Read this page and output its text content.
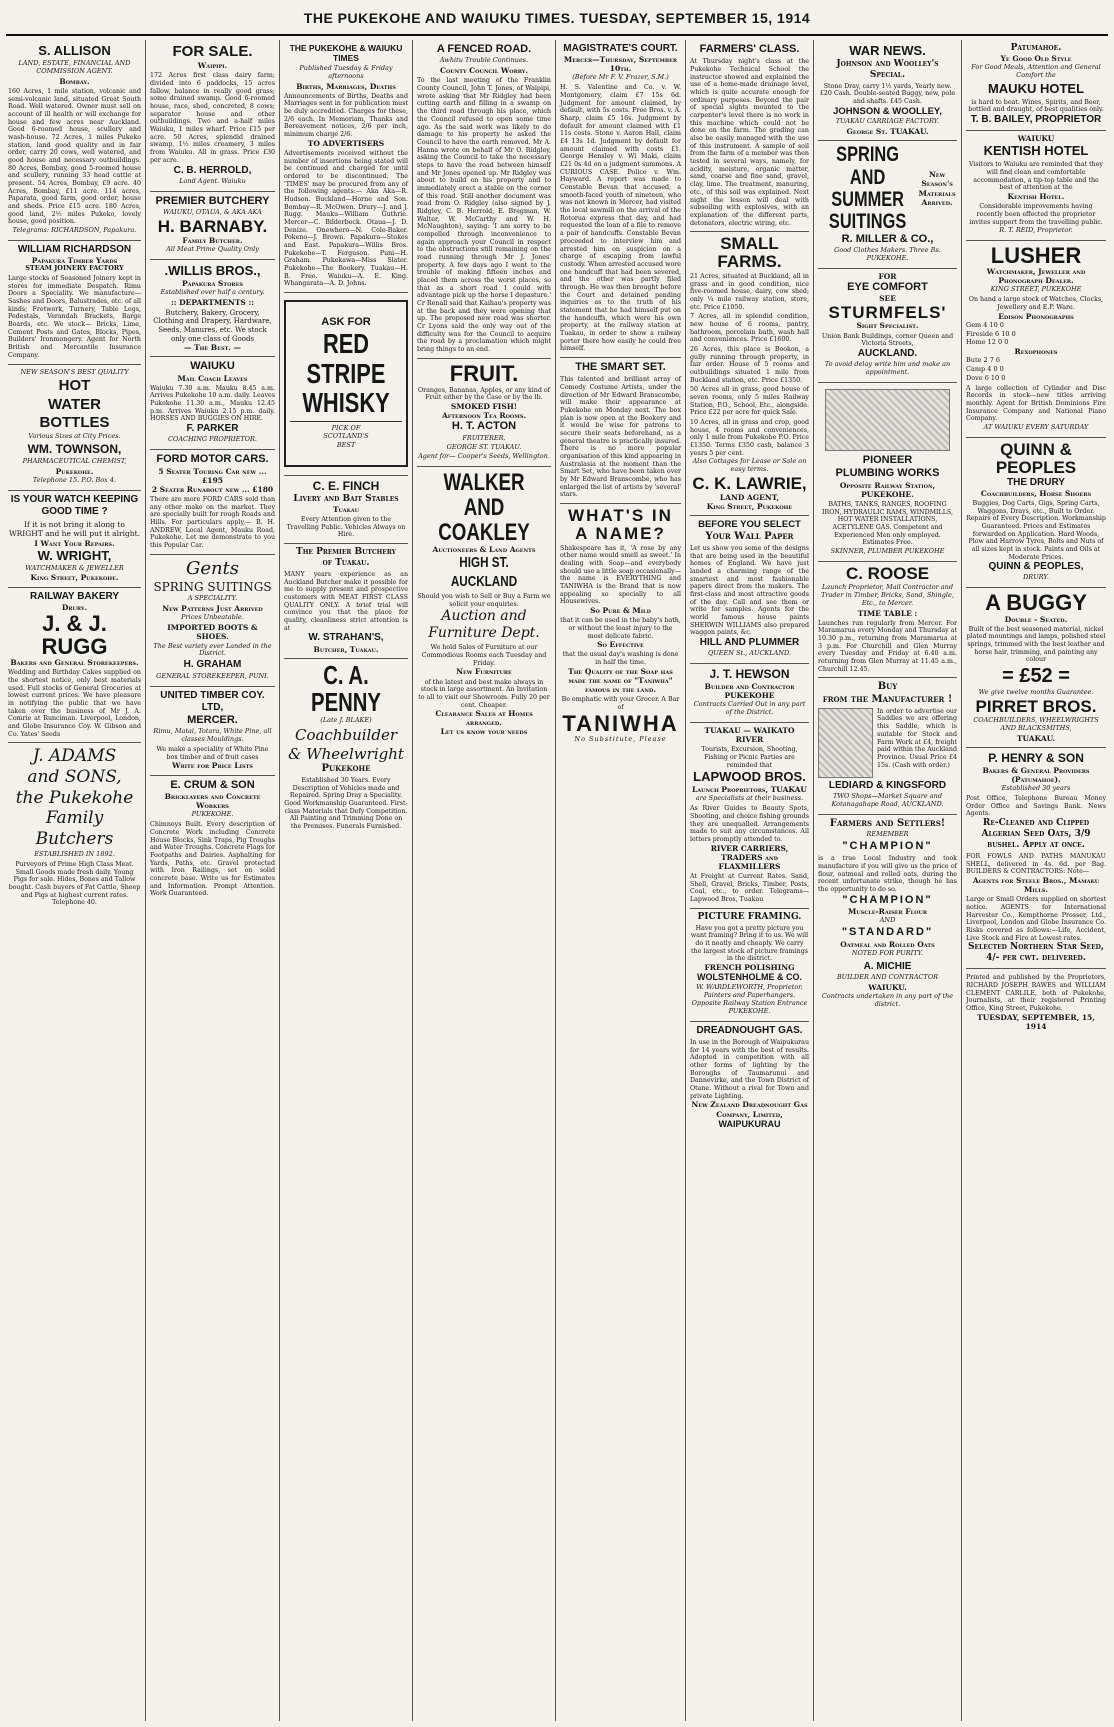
THE PUKEKOHE AND WAIUKU TIMES. TUESDAY, SEPTEMBER 15, 1914
S. ALLISON
LAND, ESTATE, FINANCIAL AND COMMISSION AGENT.
Bombay.
160 Acres, 1 mile station, volcanic and semi-volcanic land, situated Great South Road. Well watered. Owner must sell on account of ill health or will exchange for house and few acres near Auckland. Good 6-roomed house, scullery and wash-house. 72 Acres, 1 miles Pukeko station, land good quality and in fair order, carry 20 cows, well watered, and good house and necessary outbuildings. 80 Acres, Bombay, good 5-roomed house and scullery, running 33 head cattle at present. 54 Acres, Bombay, £9 acre. 40 Acres, Bombay, £11 acre. 114 acres, Paparata, good farm, good order, house and sheds. Price £15 acre. 180 Acres, good land, 2½ miles Pukeko, lovely house, good position.
Telegrams: RICHARDSON, Papakura.
WILLIAM RICHARDSON
Papakura Timber Yards
STEAM JOINERY FACTORY
Large stocks of Seasoned Joinery kept in stores for immediate Despatch. Rimu Doors a Speciality. We manufacture— Sashes and Doors, Balustrades, etc. of all kinds; Fretwork, Turnery, Table Legs, Pedestals, Verandah Brackets, Barge Boards, etc. We stock— Bricks, Lime, Cement Posts and Gates, Blocks, Pipes, Builders' Ironmongery. Agent for North British and Mercantile Insurance Company.
NEW SEASON'S BEST QUALITY
HOT
WATER
BOTTLES
Various Sizes at City Prices.
WM. TOWNSON,
PHARMACEUTICAL CHEMIST,
Pukekohe.
Telephone 15. P.O. Box 4.
IS YOUR WATCH KEEPING GOOD TIME ?
If it is not bring it along to WRIGHT and he will put it alright.
I Want Your Repairs.
W. WRIGHT,
WATCHMAKER & JEWELLER
King Street, Pukekohe.
RAILWAY BAKERY
Drury.
J. & J. RUGG
Bakers and General Storekeepers.
Wedding and Birthday Cakes supplied on the shortest notice, only best materials used. Full stocks of General Groceries at lowest current prices. We have pleasure in notifying the public that we have taken over the business of Mr J. A. Comrie at Runciman. Liverpool, London, and Globe Insurance Coy. W. Gibson and Co. Yates' Seeds
J. ADAMS
and SONS,
the Pukekohe
Family Butchers
ESTABLISHED IN 1892.
Purveyors of Prime High Class Meat. Small Goods made fresh daily. Young Pigs for sale. Hides, Bones and Tallow bought. Cash buyers of Fat Cattle, Sheep and Pigs at highest current rates. Telephone 40.
FOR SALE.
Waipipi.
172 Acres first class dairy farm; divided into 6 paddocks, 15 acres fallow, balance in really good grass; some drained swamp. Good 6-roomed house, race, shed, concreted, 8 cows; separator house and other outbuildings. Two and a-half miles Waiuku, 1 miles wharf. Price £15 per acre. 50 Acres, splendid drained swamp, 1½ miles creamery, 3 miles from Waiuku. All in grass. Price £30 per acre.
C. B. HERROLD,
Land Agent. Waiuku
PREMIER BUTCHERY
WAIUKU, OTAUA, & AKA AKA
H. BARNABY.
Family Butcher.
All Meat Prime Quality Only
.WILLIS BROS.,
Papakura Stores
Established over half a century.
:: DEPARTMENTS ::
Butchery, Bakery, Grocery, Clothing and Drapery, Hardware, Seeds, Manures, etc. We stock only one class of Goods
— The Best. —
WAIUKU
Mail Coach Leaves
Waiuku 7.30 a.m. Mauku 8.45 a.m. Arrives Pukekohe 10 a.m. daily. Leaves Pukekohe 11.30 a.m., Mauku 12.45 p.m. Arrives Waiuku 2.15 p.m. daily. HORSES AND BUGGIES ON HIRE.
F. PARKER
COACHING PROPRIETOR.
FORD MOTOR CARS.
5 Seater Touring Car new ... £195
2 Seater Runabout new ... £180
There are more FORD CARS sold than any other make on the market. They are specially built for rough Roads and Hills. For particulars apply,— B. H. ANDREW, Local Agent, Mauku Road, Pukekohe. Let me demonstrate to you this Popular Car.
Gents
SPRING SUITINGS
A SPECIALITY.
New Patterns Just Arrived
Prices Unbeatable.
IMPORTED BOOTS & SHOES.
The Best variety ever Landed in the District.
H. GRAHAM
GENERAL STOREKEEPER, PUNI.
UNITED TIMBER COY. LTD,
MERCER.
Rimu, Matai, Totara, White Pine, all classes Mouldings.
We make a speciality of White Pine box timber and of fruit cases
Write for Price Lists
E. CRUM & SON
Bricklayers and Concrete Workers
PUKEKOHE.
Chimneys Built. Every description of Concrete Work including Concrete House Blocks, Sink Traps, Pig Troughs and Water Troughs. Concrete Flags for Footpaths and Dairies. Asphalting for Yards, Paths, etc. Gravel protected with Iron Railings, set on solid concrete base. Write us for Estimates and Information. Prompt Attention. Work Guaranteed.
THE PUKEKOHE & WAIUKU TIMES
Published Tuesday & Friday afternoons
Births, Marriages, Deaths
Announcements of Births, Deaths and Marriages sent in for publication must be duly accredited. Charges for these, 2/6 each. In Memoriam, Thanks and Bereavement notices, 2/6 per inch, minimum charge 2/6.
TO ADVERTISERS
Advertisements received without the number of insertions being stated will be continued and charged for until ordered to be discontinued. The 'TIMES' may be procured from any of the following agents:— Aka Aka—R. Hudson. Buckland—Horne and Son. Bombay—R. McOwen. Drury—J. and J. Rugg. Mauku—William Guthrie. Mercer—C. Bilderbeck. Otaua—J. D. Denize. Onewhero—N. Cole-Baker. Pokeno—J. Brown. Papakura—Stokes and East. Papakura—Willis Bros. Pukekohe—T. Ferguson. Puni—H. Graham. Pukekawa—Miss Slater. Pukekohe—The Bookery. Tuakau—H. B. Free. Waiuku—A. E. King. Whangarata—A. D. Johns.
ASK FOR
RED STRIPE
WHISKY
PICK OF
SCOTLAND'S
BEST
C. E. FINCH
Livery and Bait Stables
Tuakau
Every Attention given to the Travelling Public. Vehicles Always on Hire.
The Premier Butchery
of Tuakau.
MANY years experience as an Auckland Butcher make it possible for me to supply present and prospective customers with MEAT FIRST CLASS QUALITY ONLY. A brief trial will convince you that the place for quality, cleanliness strict attention is at
W. STRAHAN'S,
Butcher, Tuakau.
C. A. PENNY
(Late J. BLAKE)
Coachbuilder
& Wheelwright
Pukekohe
Established 30 Years. Every Description of Vehicles made and Repaired. Spring Dray a Speciality. Good Workmanship Guaranteed. First-class Materials that Defy Competition. All Painting and Trimming Done on the Premises. Funerals Furnished.
A FENCED ROAD.
Awhitu Trouble Continues.
County Council Worry.
To the last meeting of the Franklin County Council, John T. Jones, of Waipipi, wrote asking that Mr Ridgley had been cutting earth and filling in a swamp on the third road through his place, which the Council refused to open some time ago. As the said work was likely to do damage to his property he asked the Council to have the earth removed. Mr A. Hanna wrote on behalf of Mr O. Ridgley, asking the Council to take the necessary steps to have the road between himself and Mr Jones opened up. Mr Ridgley was about to build on his property and to immediately erect a stable on the corner of this road. Still another document was read from O. Ridgley (also signed by J. Ridgley, C. B. Herrold, E. Bregman, W. Walter, W. McCarthy and W. H. McNaughton), saying: 'I am sorry to be compelled through inconvenience to again approach your Council in respect to the obstructions still remaining on the road running through Mr J. Jones' property. A few days ago I went to the trouble of making fifteen inches and placed them across the worst places, so that as a short road I could with advantage pick up the horse I depasture.' Cr Renall said that Kaihau's property was at the back and they were opening that up. The proposed new road was shorter. Cr Lyons said the only way out of the difficulty was for the Council to acquire the road by a proclamation which might bring things to an end.
FRUIT.
Oranges, Bananas, Apples, or any kind of Fruit either by the Case or by the lb.
SMOKED FISH!
Afternoon Tea Rooms.
H. T. ACTON
FRUITERER.
GEORGE ST. TUAKAU.
Agent for— Cooper's Seeds, Wellington.
WALKER AND COAKLEY
Auctioneers & Land Agents
HIGH ST. AUCKLAND
Should you wish to Sell or Buy a Farm we solicit your enquiries.
Auction and Furniture Dept.
We hold Sales of Furniture at our Commodious Rooms each Tuesday and Friday.
New Furniture
of the latest and best make always in stock in large assortment. An Invitation to all to visit our Showroom. Fully 20 per cent. Cheaper.
Clearance Sales at Homes arranged.
Let us know your needs
MAGISTRATE'S COURT.
Mercer—Thursday, September 10th.
(Before Mr F. V. Frazer, S.M.)
H. S. Valentine and Co. v. W. Montgomery, claim £7 15s 6d. Judgment for amount claimed, by default, with 5s costs. Free Bros. v. A. Sharp, claim £5 16s. Judgment by default for amount claimed with £1 11s costs. Stone v. Aaron Hall, claim £4 13s 1d. Judgment by default for amount claimed with costs £1. George Hensley v. Wi Maki, claim £21 0s 4d on a judgment summons. A CURIOUS CASE. Police v. Wm. Hayward. A report was made to Constable Bevan that accused, a smooth-faced youth of nineteen, who was not known in Mercer, had visited the local sawmill on the arrival of the Rotorua express that day, and had requested the loan of a file to remove a pair of handcuffs. Constable Bevan proceeded to interview him and arrested him on suspicion on a charge of escaping from lawful custody. When arrested accused wore one handcuff that had been severed, and the other was partly filed through. He was then brought before the Court and detained pending inquiries as to the truth of his statement that he had himself put on the handcuffs, which were his own property, at the railway station at Tuakau, in order to show a railway porter there how easily he could free himself.
THE SMART SET.
This talented and brilliant array of Comedy Costume Artists, under the direction of Mr Edward Branscombe, will make their appearance at Pukekohe on Monday next. The box plan is now open at the Bookery and it would be wise for patrons to secure their seats beforehand, as a general theatre is practically insured. There is no more popular organisation of this kind appearing in Australasia at the moment than the Smart Set, who have been taken over by Mr Edward Branscombe, who has enlarged the list of artists by 'several' stars.
WHAT'S IN A NAME?
Shakespeare has it, 'A rose by any other name would smell as sweet.' In dealing with Soap—and everybody should use a little soap occasionally— the name is EVERYTHING and TANIWHA is the Brand that is now appealing so specially to all Housewives.
So Pure & Mild
that it can be used in the baby's bath, or without the least injury to the most delicate fabric.
So Effective
that the usual day's washing is done in half the time.
The Quality of the Soap has made the name of "Taniwha" famous in the land.
Be emphatic with your Grocer. A Bar of
TANIWHA
No Substitute, Please
FARMERS' CLASS.
At Thursday night's class at the Pukekohe Technical School the instructor showed and explained the use of a home-made drainage level, which is quite accurate enough for ordinary purposes. Beyond the pair of special sights mounted to the carpenter's level there is no work in this machine which could not be done on the farm. The grading can also be easily managed with the use of this instrument. A sample of soil from the farm of a member was then tested in several ways, namely, for acidity, moisture, organic matter, sand, coarse and fine sand, gravel, clay, lime. The treatment, manuring, etc., of this soil was explained. Next night the lesson will deal with subsoiling with explosives, with an explanation of the different parts, detonators, electric wiring, etc.
SMALL FARMS.
21 Acres, situated at Buckland, all in grass and in good condition, nice five-roomed house, dairy, cow shed; only ¼ mile railway station, store, etc. Price £1050.
7 Acres, all in splendid condition, new house of 6 rooms, pantry, bathroom, porcelain bath, wash hall and conveniences. Price £1600.
26 Acres, this place is Bookon, a gully running through property, in fair order. House of 5 rooms and outbuildings situated 1 mile from Buckland station, etc. Price £1350.
50 Acres all in grass, good house of seven rooms, only 5 miles Railway Station, P.O., School, Etc., alongside. Price £22 per acre for quick Sale.
10 Acres, all in grass and crop, good house, 4 rooms and conveniences, only 1 mile from Pukekohe P.O. Price £1350. Terms £350 cash, balance 3 years 5 per cent.
Also Cottages for Lease or Sale on easy terms.
C. K. LAWRIE,
LAND AGENT,
King Street, Pukekohe
BEFORE YOU SELECT
Your Wall Paper
Let us show you some of the designs that are being used in the beautiful homes of England. We have just landed a charming range of the smartest and most fashionable papers direct from the makers. The first-class and most attractive goods of the day. Call and see them or write for samples. Agents for the world famous house paints SHERWIN WILLIAMS also prepared waggon paints, &c.
HILL AND PLUMMER
QUEEN St., AUCKLAND.
J. T. HEWSON
Builder and Contractor
PUKEKOHE
Contracts Carried Out in any part of the District.
TUAKAU — WAIKATO RIVER
Tourists, Excursion, Shooting, Fishing or Picnic Parties are reminded that
LAPWOOD BROS.
Launch Proprietors, TUAKAU
are Specialists at their business.
As River Guides to Beauty Spots, Shooting, and choice fishing grounds they are unequalled. Arrangements made to suit any circumstances. All letters promptly attended to.
RIVER CARRIERS, TRADERS and FLAXMILLERS
At Freight at Current Rates. Sand, Shell, Gravel, Bricks, Timber, Posts, Coal, etc., to order. Telegrams—Lapwood Bros, Tuakau
PICTURE FRAMING.
Have you got a pretty picture you want framing? Bring it to us. We will do it neatly and cheaply. We carry the largest stock of picture framings in the district.
FRENCH POLISHING
WOLSTENHOLME & CO.
W. WARDLEWORTH, Proprietor. Painters and Paperhangers. Opposite Railway Station Entrance PUKEKOHE.
DREADNOUGHT GAS.
In use in the Borough of Waipukurau for 14 years with the best of results. Adopted in competition with all other forms of lighting by the Boroughs of Taumarunui and Dannevirke, and the Town District of Otane. Without a rival for Town and private Lighting.
New Zealand Dreadnought Gas Company, Limited,
WAIPUKURAU
WAR NEWS.
Johnson and Woolley's Special.
Stone Dray, carry 1½ yards, Yearly new. £20 Cash. Double-seated Buggy, new, pole and shafts. £45 Cash.
JOHNSON & WOOLLEY,
TUAKAU CARRIAGE FACTORY.
George St. TUAKAU.
SPRING AND
SUMMER
SUITINGS
New Season's Materials Arrived.
R. MILLER & CO.,
Good Clothes Makers. Three Bs. PUKEKOHE.
FOR
EYE COMFORT
SEE
STURMFELS'
Sight Specialist.
Union Bank Buildings, corner Queen and Victoria Streets,
AUCKLAND.
To avoid delay write him and make an appointment.
PIONEER
PLUMBING WORKS
Opposite Railway Station, PUKEKOHE.
BATHS, TANKS, RANGES, ROOFING IRON, HYDRAULIC RAMS, WINDMILLS, HOT WATER INSTALLATIONS, ACETYLENE GAS. Competent and Experienced Men only employed. Estimates Free.
SKINNER, PLUMBER PUKEKOHE
C. ROOSE
Launch Proprietor, Mail Contractor and Trader in Timber, Bricks, Sand, Shingle, Etc., to Mercer.
TIME TABLE :
Launches run regularly from Mercer. For Maramarua every Monday and Thursday at 10.30 p.m., returning from Maramarua at 3 p.m. For Churchill and Glen Murray every Tuesday and Friday at 6.40 a.m. returning from Glen Murray at 11.45 a.m., Churchill 12.45.
Buy
from the Manufacturer !
In order to advertise our Saddles we are offering this Saddle, which is suitable for Stock and Farm Work at £4, freight paid within the Auckland Province. Usual Price £4 15s. (Cash with order.)
LEDIARD & KINGSFORD
TWO Shops—Market Square and Kotanagahape Road, AUCKLAND.
Farmers and Settlers!
REMEMBER
"CHAMPION"
is a true Local Industry and took manufacture if you will give us the price of flour, oatmeal and rolled oats, during the recent unfortunate strike, though he has the opportunity to do so.
"CHAMPION"
Muscle-Raiser Flour
AND
"STANDARD"
Oatmeal and Rolled Oats
NOTED FOR PURITY.
A. MICHIE
BUILDER AND CONTRACTOR
WAIUKU.
Contracts undertaken in any part of the district.
Patumahoe.
Ye Good Old Style
For Good Meals, Attention and General Comfort the
MAUKU HOTEL
is hard to beat. Wines, Spirits, and Beer, bottled and draught, of best qualities only.
T. B. BAILEY, PROPRIETOR
WAIUKU
KENTISH HOTEL
Visitors to Waiuku are reminded that they will find clean and comfortable accommodation, a tip-top table and the best of attention at the
Kentish Hotel.
Considerable improvements having recently been effected the proprietor invites support from the travelling public.
R. T. REID, Proprietor.
LUSHER
Watchmaker, Jeweller and Phonograph Dealer.
KING STREET, PUKEKOHE
On hand a large stock of Watches, Clocks, Jewellery and E.P. Ware.
Edison Phonographs
Gem 4 10 0
Fireside 6 10 0
Home 12 0 0
Rexophones
Bute 2 7 6
Camp 4 0 0
Dove 6 10 0
A large collection of Cylinder and Disc Records in stock—new titles arriving monthly. Agent for British Dominions Fire Insurance Company and National Piano Company.
AT WAIUKU EVERY SATURDAY
QUINN & PEOPLES
THE DRURY
Coachbuilders, Horse Shoers
Buggies, Dog Carts, Gigs, Spring Carts, Waggons, Drays, etc., Built to Order. Repairs of Every Description. Workmanship Guaranteed. Prices and Estimates forwarded on Application. Hard Woods, Plow and Harrow Tyres, Bolts and Nuts of all sizes kept in stock. Paints and Oils at Moderate Prices.
QUINN & PEOPLES,
DRURY.
A BUGGY
Double - Seated.
Built of the best seasoned material, nickel plated mountings and lamps, polished steel springs, trimmed with the best leather and horse hair, trimming, and painting any colour
= £52 =
We give twelve months Guarantee.
PIRRET BROS.
COACHBUILDERS, WHEELWRIGHTS AND BLACKSMITHS,
TUAKAU.
P. HENRY & SON
Bakers & General Providers
(Patumahoe).
Established 30 years
Post Office, Telephone Bureau Money Order Office and Savings Bank. News Agents.
Re-Cleaned and Clipped Algerian Seed Oats, 3/9 bushel. Apply at once.
FOR FOWLS AND PATHS MANUKAU SHELL, delivered in 4s. 6d. per Bag. BUILDERS & CONTRACTORS: Note—
Agents for Steele Bros., Mamaku Mills.
Large or Small Orders supplied on shortest notice. AGENTS for International Harvester Co., Kempthorne Prosser, Ltd., Liverpool, London and Globe Insurance Co. Risks covered as follows:—Life, Accident, Live Stock and Fire at Lowest rates.
Selected Northern Star Seed, 4/- per cwt. delivered.
Printed and published by the Proprietors, RICHARD JOSEPH RAWES and WILLIAM CLEMENT CARLILE, both of Pukekohe, Journalists, at their registered Printing Office, King Street, Pukekohe.
TUESDAY, SEPTEMBER, 15, 1914
